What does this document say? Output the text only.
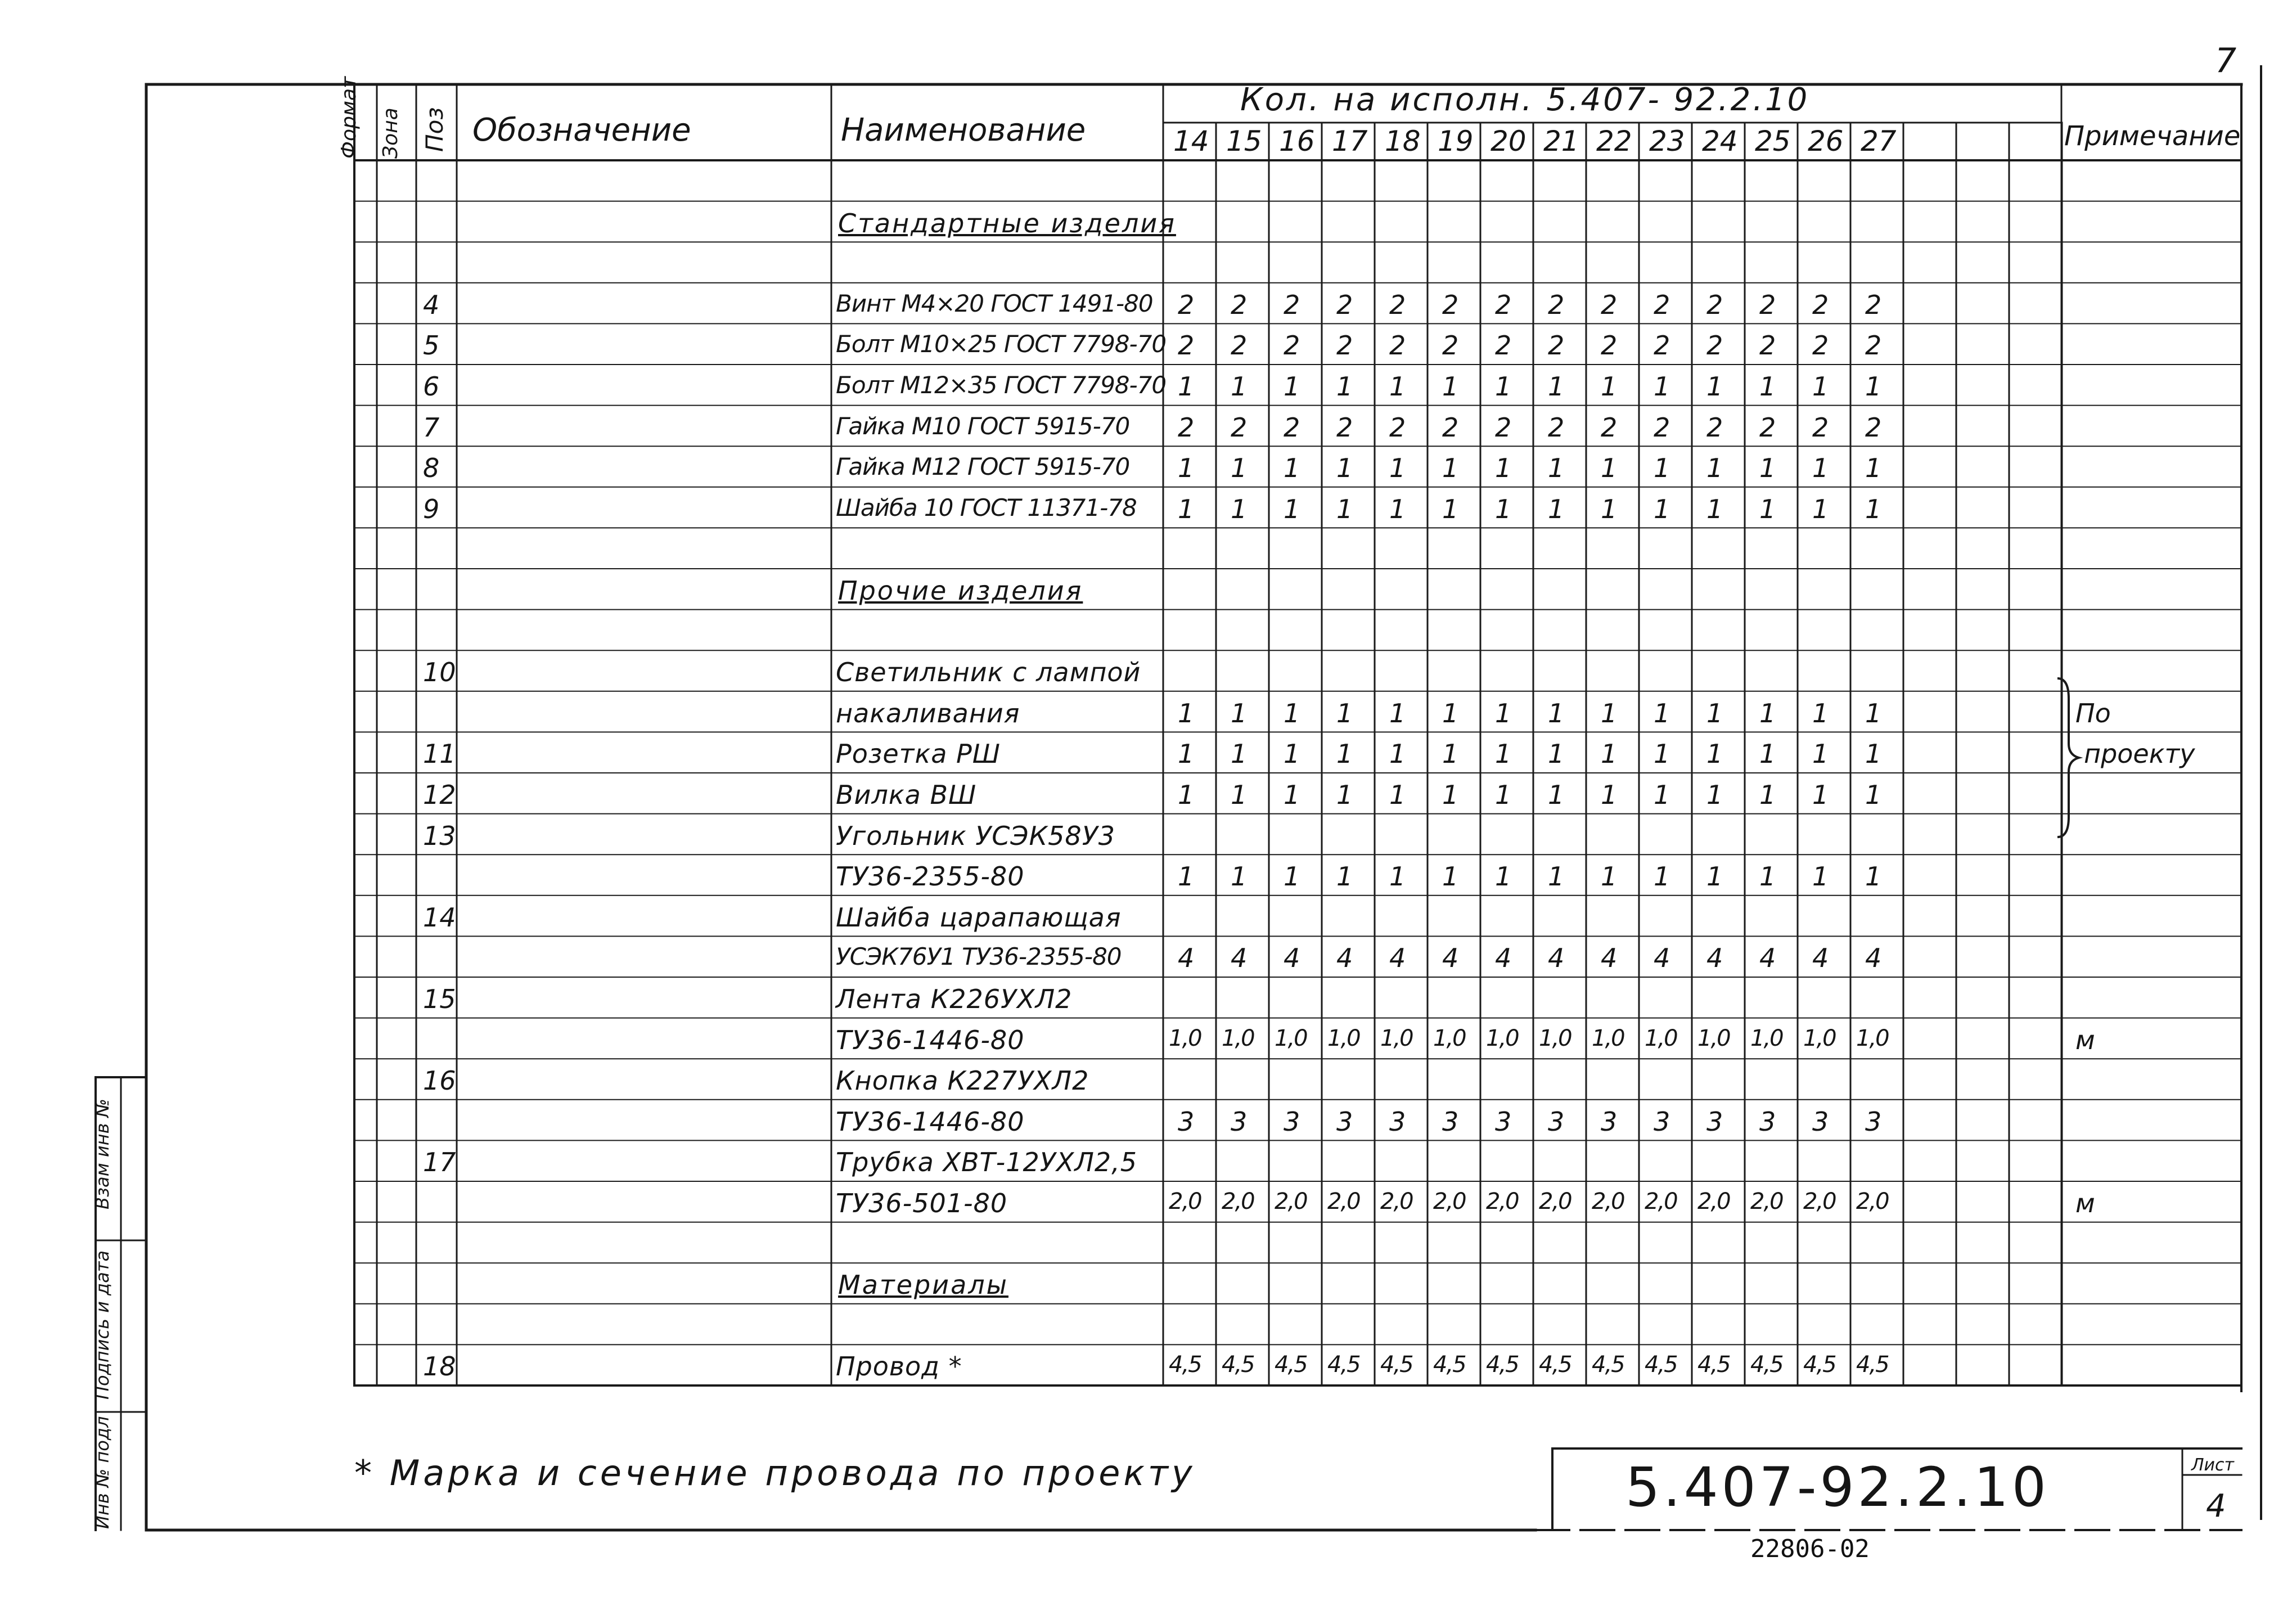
7
Формат Зона Поз Обозначение	Наименование
Кол. на исполн. 5.407- 92.2.10
14 15 16 17 18 19 20 21 22 23 24 25 26 27	Примечание
Стандартные изделия
4	Винт М4×20 ГОСТ 1491-80 2 2 2 2 2 2 2 2 2 2 2 2 2 2
5	Болт М10×25 ГОСТ 7798-70 2 2 2 2 2 2 2 2 2 2 2 2 2 2
6	Болт М12×35 ГОСТ 7798-70 1 1 1 1 1 1 1 1 1 1 1 1 1 1
7	Гайка М10 ГОСТ 5915-70 2 2 2 2 2 2 2 2 2 2 2 2 2 2
8	Гайка М12 ГОСТ 5915-70 1 1 1 1 1 1 1 1 1 1 1 1 1 1
9	Шайба 10 ГОСТ 11371-78 1 1 1 1 1 1 1 1 1 1 1 1 1 1
Прочие изделия
10	Светильник с лампой
накаливания	1 1 1 1 1 1 1 1 1 1 1 1 1 1	По
11	Розетка РШ	1 1 1 1 1 1 1 1 1 1 1 1 1 1	проекту
12	Вилка ВШ	1 1 1 1 1 1 1 1 1 1 1 1 1 1
13	Угольник УСЭК58У3
ТУ36-2355-80	1 1 1 1 1 1 1 1 1 1 1 1 1 1
14	Шайба царапающая
УСЭК76У1 ТУ36-2355-80 4 4 4 4 4 4 4 4 4 4 4 4 4 4
15	Лента К226УХЛ2
ТУ36-1446-80	1,0 1,0 1,0 1,0 1,0 1,0 1,0 1,0 1,0 1,0 1,0 1,0 1,0 1,0	м
16	Кнопка К227УХЛ2
ТУ36-1446-80	3 3 3 3 3 3 3 3 3 3 3 3 3 3
17	Трубка ХВТ-12УХЛ2,5
ТУ36-501-80	2,0 2,0 2,0 2,0 2,0 2,0 2,0 2,0 2,0 2,0 2,0 2,0 2,0 2,0	м
Материалы
18	Провод *	4,5 4,5 4,5 4,5 4,5 4,5 4,5 4,5 4,5 4,5 4,5 4,5 4,5 4,5
* Марка и сечение провода по проекту	5.407-92.2.10	Лист
4
22806-02
Инв № подл
Подпись и дата
Взам инв №
